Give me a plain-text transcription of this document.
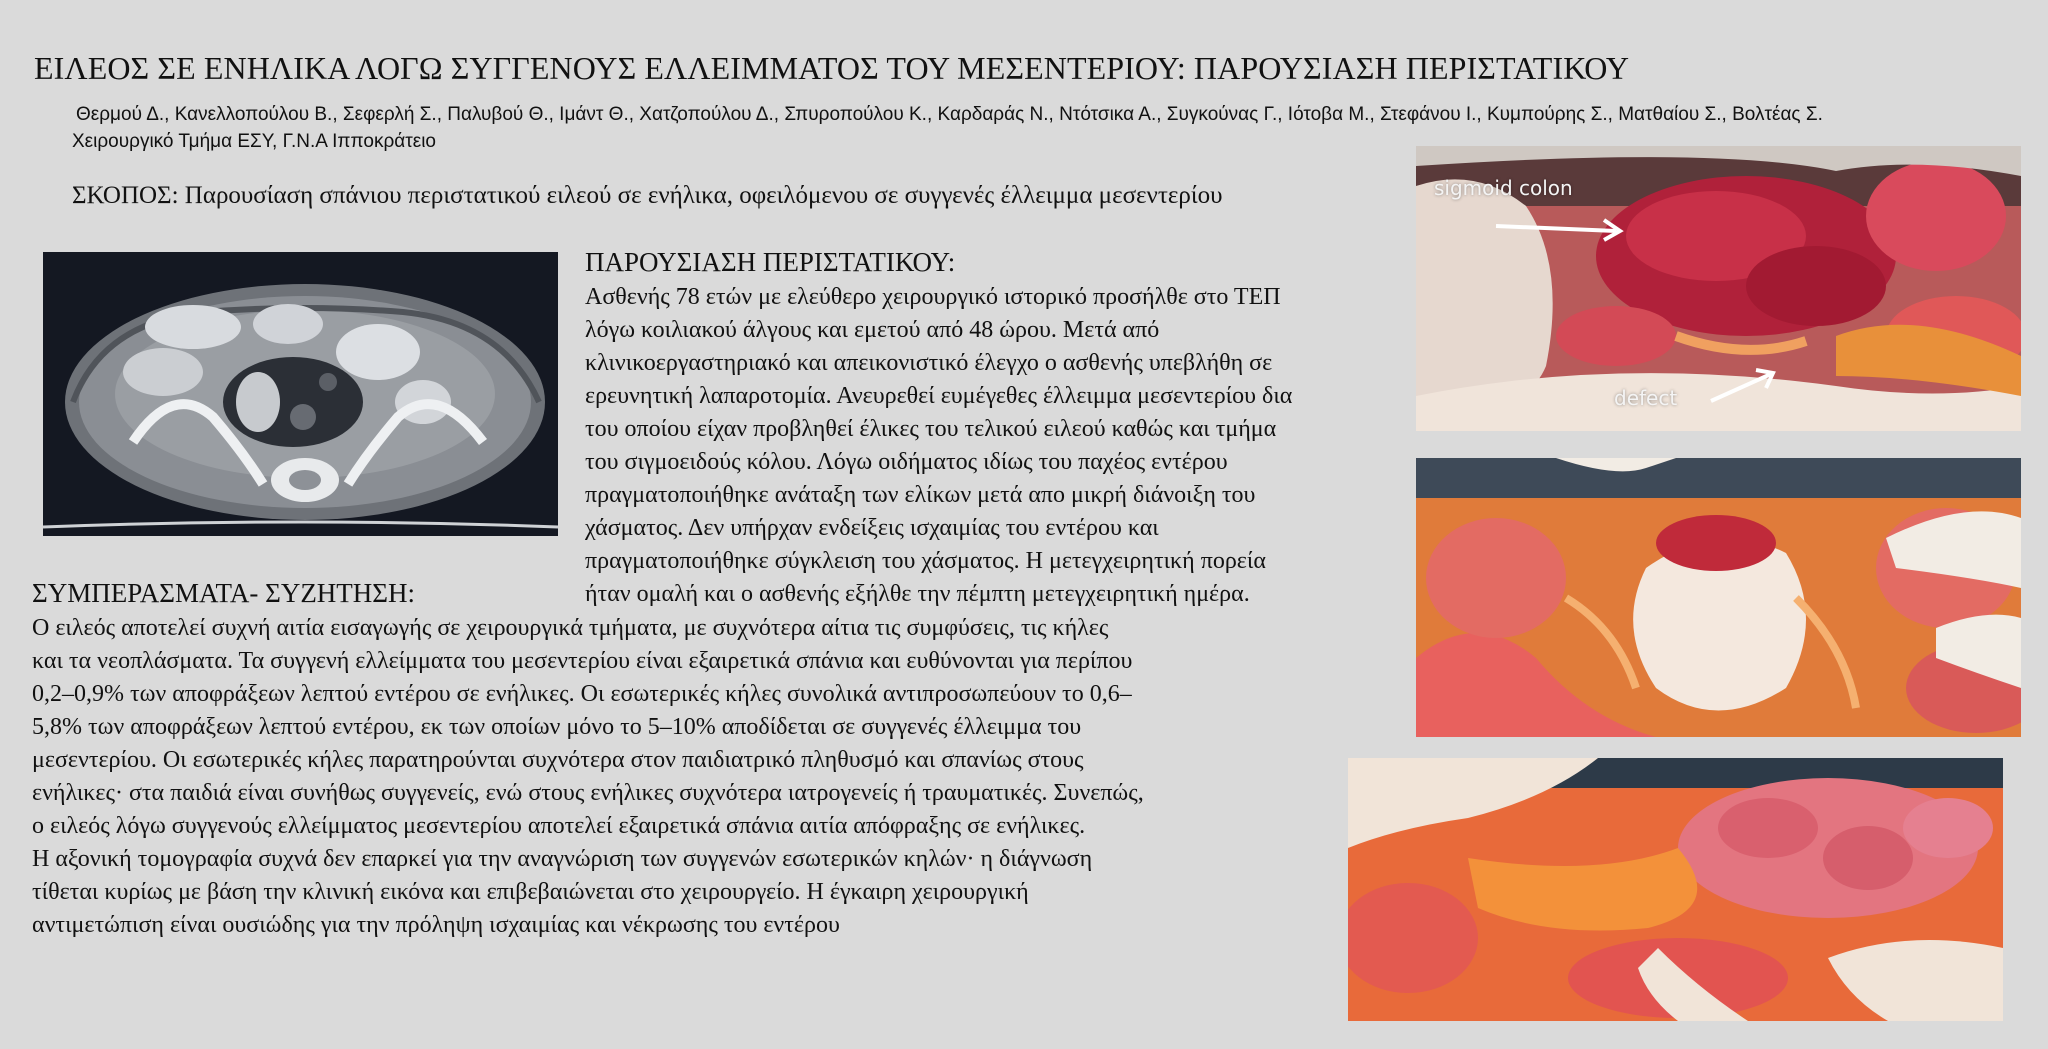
ΕΙΛΕΟΣ ΣΕ ΕΝΗΛΙΚΑ ΛΟΓΩ ΣΥΓΓΕΝΟΥΣ ΕΛΛΕΙΜΜΑΤΟΣ ΤΟΥ ΜΕΣΕΝΤΕΡΙΟΥ: ΠΑΡΟΥΣΙΑΣΗ ΠΕΡΙΣΤΑΤΙΚΟΥ
Θερμού Δ., Κανελλοπούλου Β., Σεφερλή Σ., Παλυβού Θ., Ιμάντ Θ., Χατζοπούλου Δ., Σπυροπούλου Κ., Καρδαράς Ν., Ντότσικα Α., Συγκούνας Γ., Ιότοβα Μ., Στεφάνου Ι., Κυμπούρης Σ., Ματθαίου Σ., Βολτέας Σ.
Χειρουργικό Τμήμα ΕΣΥ, Γ.Ν.Α Ιπποκράτειο
ΣΚΟΠΟΣ: Παρουσίαση σπάνιου περιστατικού ειλεού σε ενήλικα, οφειλόμενου σε συγγενές έλλειμμα μεσεντερίου
ΠΑΡΟΥΣΙΑΣΗ ΠΕΡΙΣΤΑΤΙΚΟΥ:
Ασθενής 78 ετών με ελεύθερο χειρουργικό ιστορικό προσήλθε στο ΤΕΠ
λόγω κοιλιακού άλγους και εμετού από 48 ώρου. Μετά από
κλινικοεργαστηριακό και απεικονιστικό έλεγχο ο ασθενής υπεβλήθη σε
ερευνητική λαπαροτομία. Ανευρεθεί ευμέγεθες έλλειμμα μεσεντερίου δια
του οποίου είχαν προβληθεί έλικες του τελικού ειλεού καθώς και τμήμα
του σιγμοειδούς κόλου. Λόγω οιδήματος ιδίως του παχέος εντέρου
πραγματοποιήθηκε ανάταξη των ελίκων μετά απο μικρή διάνοιξη του
χάσματος. Δεν υπήρχαν ενδείξεις ισχαιμίας του εντέρου και
πραγματοποιήθηκε σύγκλειση του χάσματος. Η μετεγχειρητική πορεία
ήταν ομαλή και ο ασθενής εξήλθε την πέμπτη μετεγχειρητική ημέρα.
ΣΥΜΠΕΡΑΣΜΑΤΑ- ΣΥΖΗΤΗΣΗ:
Ο ειλεός αποτελεί συχνή αιτία εισαγωγής σε χειρουργικά τμήματα, με συχνότερα αίτια τις συμφύσεις, τις κήλες
και τα νεοπλάσματα. Τα συγγενή ελλείμματα του μεσεντερίου είναι εξαιρετικά σπάνια και ευθύνονται για περίπου
0,2–0,9% των αποφράξεων λεπτού εντέρου σε ενήλικες. Οι εσωτερικές κήλες συνολικά αντιπροσωπεύουν το 0,6–
5,8% των αποφράξεων λεπτού εντέρου, εκ των οποίων μόνο το 5–10% αποδίδεται σε συγγενές έλλειμμα του
μεσεντερίου. Οι εσωτερικές κήλες παρατηρούνται συχνότερα στον παιδιατρικό πληθυσμό και σπανίως στους
ενήλικες· στα παιδιά είναι συνήθως συγγενείς, ενώ στους ενήλικες συχνότερα ιατρογενείς ή τραυματικές. Συνεπώς,
ο ειλεός λόγω συγγενούς ελλείμματος μεσεντερίου αποτελεί εξαιρετικά σπάνια αιτία απόφραξης σε ενήλικες.
Η αξονική τομογραφία συχνά δεν επαρκεί για την αναγνώριση των συγγενών εσωτερικών κηλών· η διάγνωση
τίθεται κυρίως με βάση την κλινική εικόνα και επιβεβαιώνεται στο χειρουργείο. Η έγκαιρη χειρουργική
αντιμετώπιση είναι ουσιώδης για την πρόληψη ισχαιμίας και νέκρωσης του εντέρου
sigmoid colon
defect
